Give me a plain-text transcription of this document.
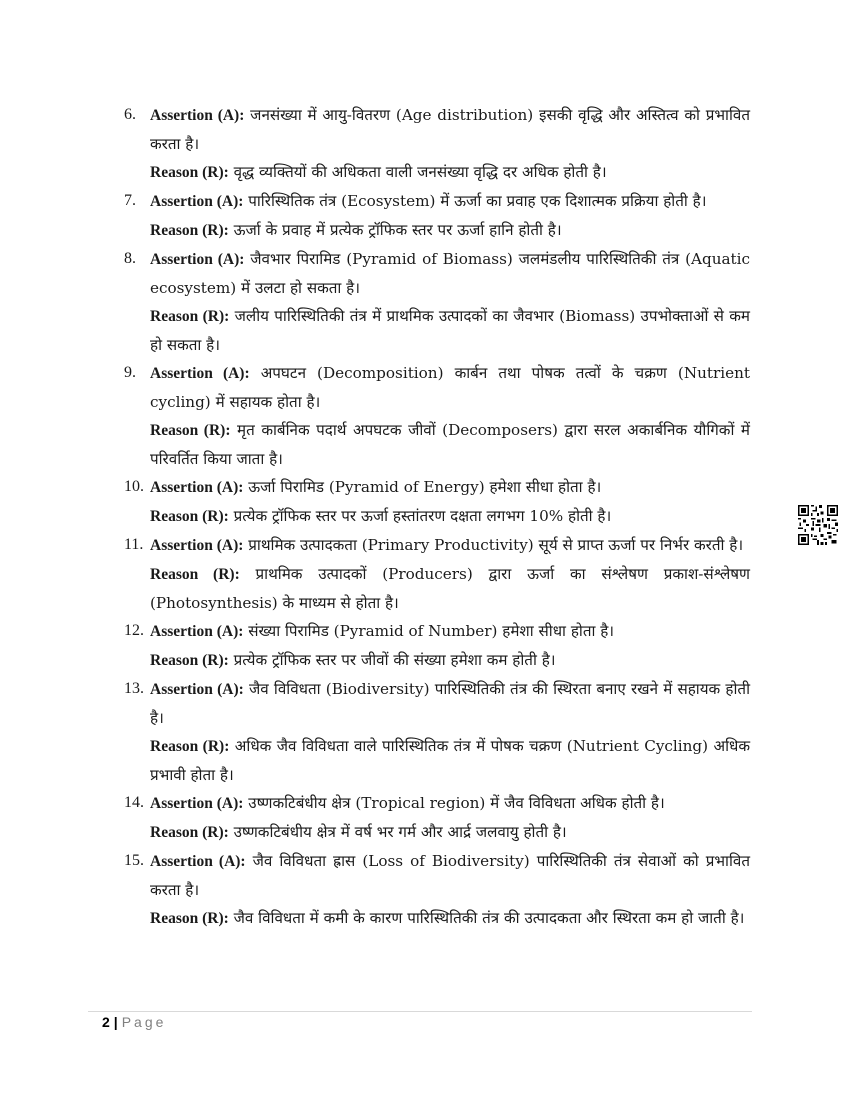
6. Assertion (A): जनसंख्या में आयु-वितरण (Age distribution) इसकी वृद्धि और अस्तित्व को प्रभावित करता है।
Reason (R): वृद्ध व्यक्तियों की अधिकता वाली जनसंख्या वृद्धि दर अधिक होती है।
7. Assertion (A): पारिस्थितिक तंत्र (Ecosystem) में ऊर्जा का प्रवाह एक दिशात्मक प्रक्रिया होती है।
Reason (R): ऊर्जा के प्रवाह में प्रत्येक ट्रॉफिक स्तर पर ऊर्जा हानि होती है।
8. Assertion (A): जैवभार पिरामिड (Pyramid of Biomass) जलमंडलीय पारिस्थितिकी तंत्र (Aquatic ecosystem) में उलटा हो सकता है।
Reason (R): जलीय पारिस्थितिकी तंत्र में प्राथमिक उत्पादकों का जैवभार (Biomass) उपभोक्ताओं से कम हो सकता है।
9. Assertion (A): अपघटन (Decomposition) कार्बन तथा पोषक तत्वों के चक्रण (Nutrient cycling) में सहायक होता है।
Reason (R): मृत कार्बनिक पदार्थ अपघटक जीवों (Decomposers) द्वारा सरल अकार्बनिक यौगिकों में परिवर्तित किया जाता है।
10. Assertion (A): ऊर्जा पिरामिड (Pyramid of Energy) हमेशा सीधा होता है।
Reason (R): प्रत्येक ट्रॉफिक स्तर पर ऊर्जा हस्तांतरण दक्षता लगभग 10% होती है।
11. Assertion (A): प्राथमिक उत्पादकता (Primary Productivity) सूर्य से प्राप्त ऊर्जा पर निर्भर करती है।
Reason (R): प्राथमिक उत्पादकों (Producers) द्वारा ऊर्जा का संश्लेषण प्रकाश-संश्लेषण (Photosynthesis) के माध्यम से होता है।
12. Assertion (A): संख्या पिरामिड (Pyramid of Number) हमेशा सीधा होता है।
Reason (R): प्रत्येक ट्रॉफिक स्तर पर जीवों की संख्या हमेशा कम होती है।
13. Assertion (A): जैव विविधता (Biodiversity) पारिस्थितिकी तंत्र की स्थिरता बनाए रखने में सहायक होती है।
Reason (R): अधिक जैव विविधता वाले पारिस्थितिक तंत्र में पोषक चक्रण (Nutrient Cycling) अधिक प्रभावी होता है।
14. Assertion (A): उष्णकटिबंधीय क्षेत्र (Tropical region) में जैव विविधता अधिक होती है।
Reason (R): उष्णकटिबंधीय क्षेत्र में वर्ष भर गर्म और आर्द्र जलवायु होती है।
15. Assertion (A): जैव विविधता ह्रास (Loss of Biodiversity) पारिस्थितिकी तंत्र सेवाओं को प्रभावित करता है।
Reason (R): जैव विविधता में कमी के कारण पारिस्थितिकी तंत्र की उत्पादकता और स्थिरता कम हो जाती है।
2 | Page
